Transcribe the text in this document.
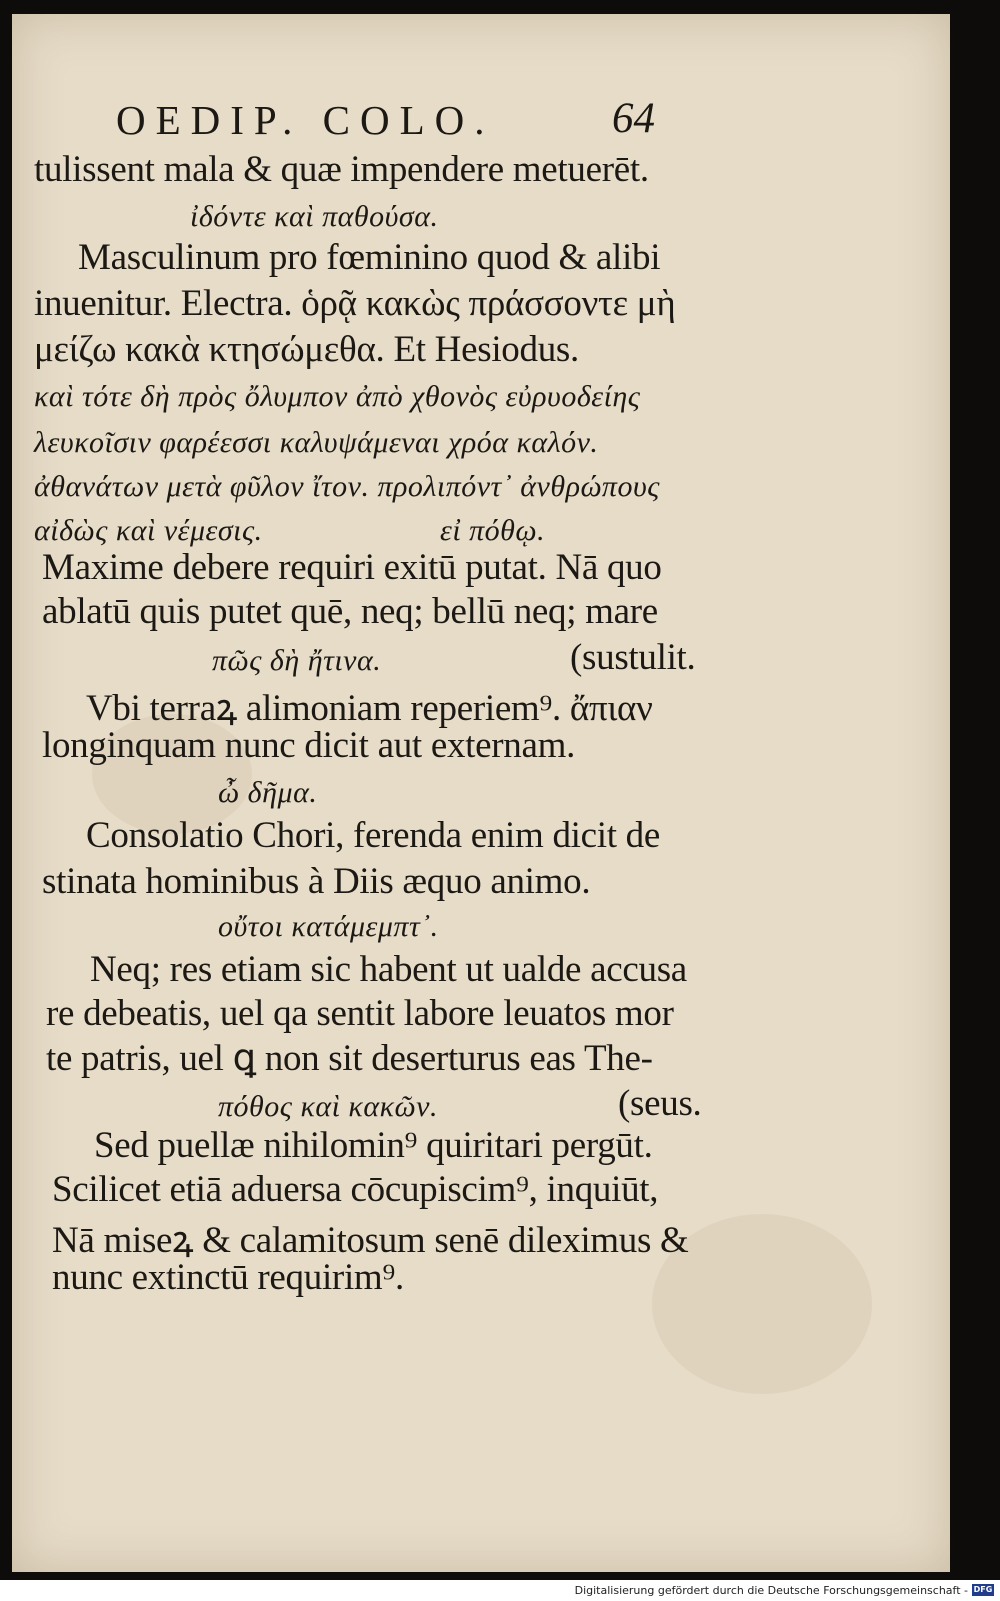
OEDIP. COLO.	64
tulissent mala & quæ impendere metuerēt.
ἰδόντε καὶ παθούσα.
Masculinum pro fœminino quod & alibi
inuenitur. Electra. ὁρᾷ κακὼς πράσσοντε μὴ
μείζω κακὰ κτησώμεθα. Et Hesiodus.
καὶ τότε δὴ πρὸς ὄλυμπον ἀπὸ χθονὸς εὐρυοδείης
λευκοῖσιν φαρέεσσι καλυψάμεναι χρόα καλόν.
ἀθανάτων μετὰ φῦλον ἴτον. προλιπόντ᾽ ἀνθρώπους
αἰδὼς καὶ νέμεσις.	εἰ πόθῳ.
Maxime debere requiri exitū putat. Nā quo
ablatū quis putet quē, neq; bellū neq; mare
πῶς δὴ ἤτινα.	(sustulit.
Vbi terraꝝ alimoniam reperiem⁹. ἄπιαν
longinquam nunc dicit aut externam.
ὦ δῆμα.
Consolatio Chori, ferenda enim dicit de
stinata hominibus à Diis æquo animo.
οὔτοι κατάμεμπτ᾽.
Neq; res etiam sic habent ut ualde accusa
re debeatis, uel qa sentit labore leuatos mor
te patris, uel ꝗ non sit deserturus eas The-
πόθος καὶ κακῶν.	(seus.
Sed puellæ nihilomin⁹ quiritari pergūt.
Scilicet etiā aduersa cōcupiscim⁹, inquiūt,
Nā miseꝝ & calamitosum senē dileximus &
nunc extinctū requirim⁹.
Digitalisierung gefördert durch die Deutsche Forschungsgemeinschaft - DFG
